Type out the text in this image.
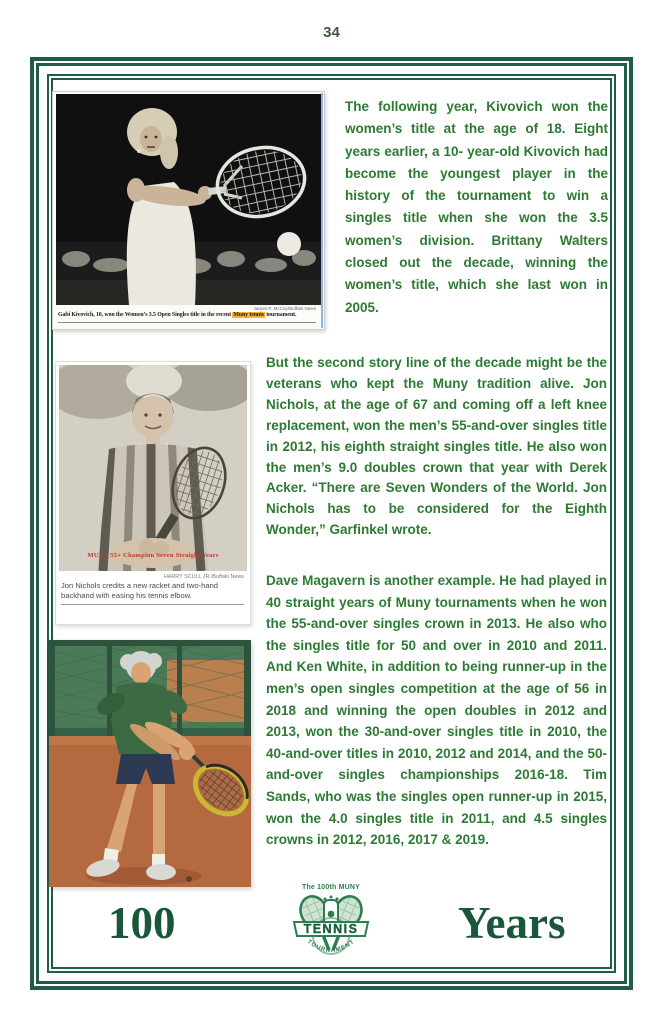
34
James P. McCoy/Buffalo News
Gabi Kivovich, 10, won the Women’s 3.5 Open Singles title in the recent Muny tennis tournament.
The following year, Kivovich won the women’s title at the age of 18. Eight years earlier, a 10- year-old Kivovich had become the youngest player in the history of the tournament to win a singles title when she won the 3.5 women’s division. Brittany Walters closed out the decade, winning the women’s title, which she last won in 2005.
MUNY 55+ Champion Seven Straight Years
HARRY SCULL JR./Buffalo News
Jon Nichols credits a new racket and two-hand backhand with easing his tennis elbow.
But the second story line of the decade might be the veterans who kept the Muny tradition alive. Jon Nichols, at the age of 67 and coming off a left knee replacement, won the men’s 55-and-over singles title in 2012, his eighth straight singles title. He also won the men’s 9.0 doubles crown that year with Derek Acker. “There are Seven Wonders of the World. Jon Nichols has to be considered for the Eighth Wonder,” Garfinkel wrote.
Dave Magavern is another example. He had played in 40 straight years of Muny tournaments when he won the 55-and-over singles crown in 2013. He also who the singles title for 50 and over in 2010 and 2011. And Ken White, in addition to being runner-up in the men’s open singles competition at the age of 56 in 2018 and winning the open doubles in 2012 and 2013, won the 30-and-over singles title in 2010, the 40-and-over titles in 2010, 2012 and 2014, and the 50-and-over singles championships 2016-18. Tim Sands, who was the singles open runner-up in 2015, won the 4.0 singles title in 2011, and 4.5 singles crowns in 2012, 2016, 2017 & 2019.
100	Years
The 100th MUNY
TENNIS
TOURNAMENT
